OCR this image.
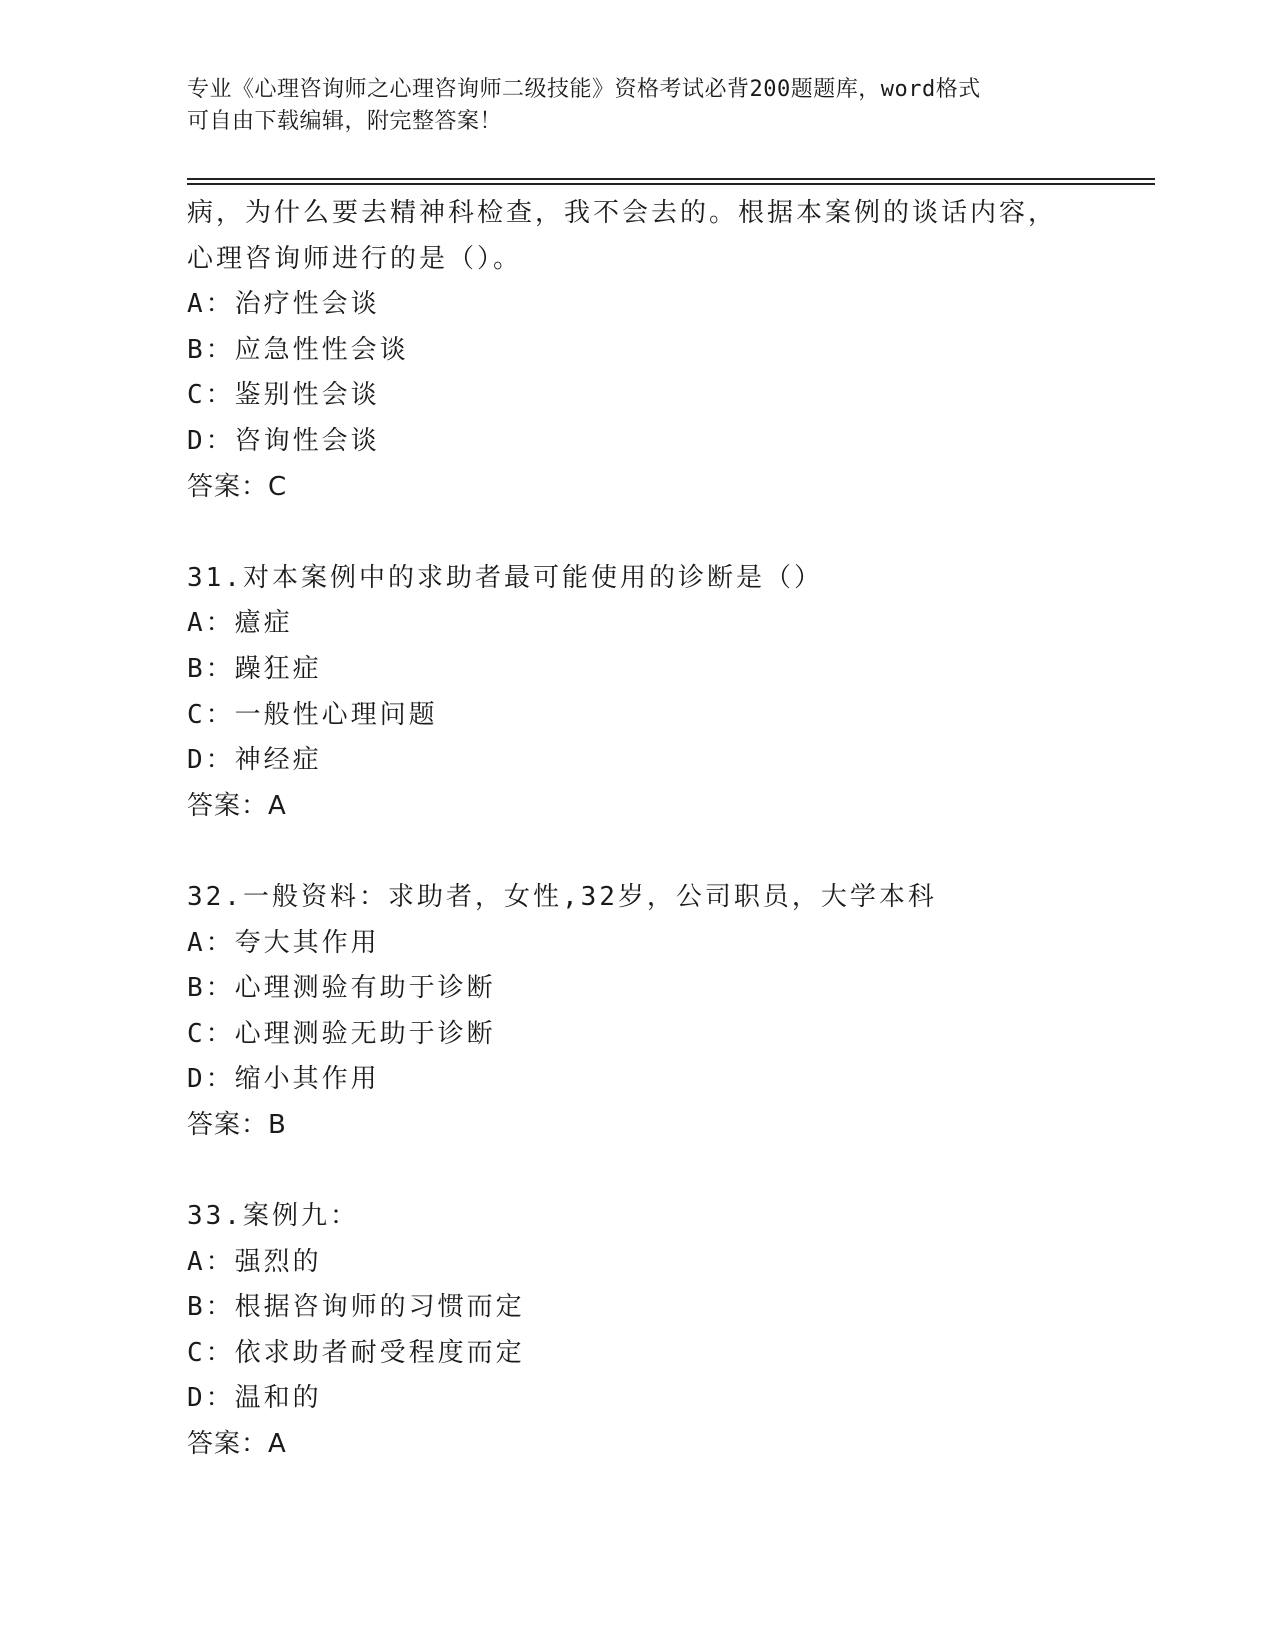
专业《心理咨询师之心理咨询师二级技能》资格考试必背200题题库，word格式
可自由下载编辑，附完整答案！
病，为什么要去精神科检查，我不会去的。根据本案例的谈话内容，
心理咨询师进行的是（）。
A：治疗性会谈
B：应急性性会谈
C：鉴别性会谈
D：咨询性会谈
答案：C
31.对本案例中的求助者最可能使用的诊断是（）
A：癔症
B：躁狂症
C：一般性心理问题
D：神经症
答案：A
32.一般资料：求助者，女性,32岁，公司职员，大学本科
A：夸大其作用
B：心理测验有助于诊断
C：心理测验无助于诊断
D：缩小其作用
答案：B
33.案例九：
A：强烈的
B：根据咨询师的习惯而定
C：依求助者耐受程度而定
D：温和的
答案：A
